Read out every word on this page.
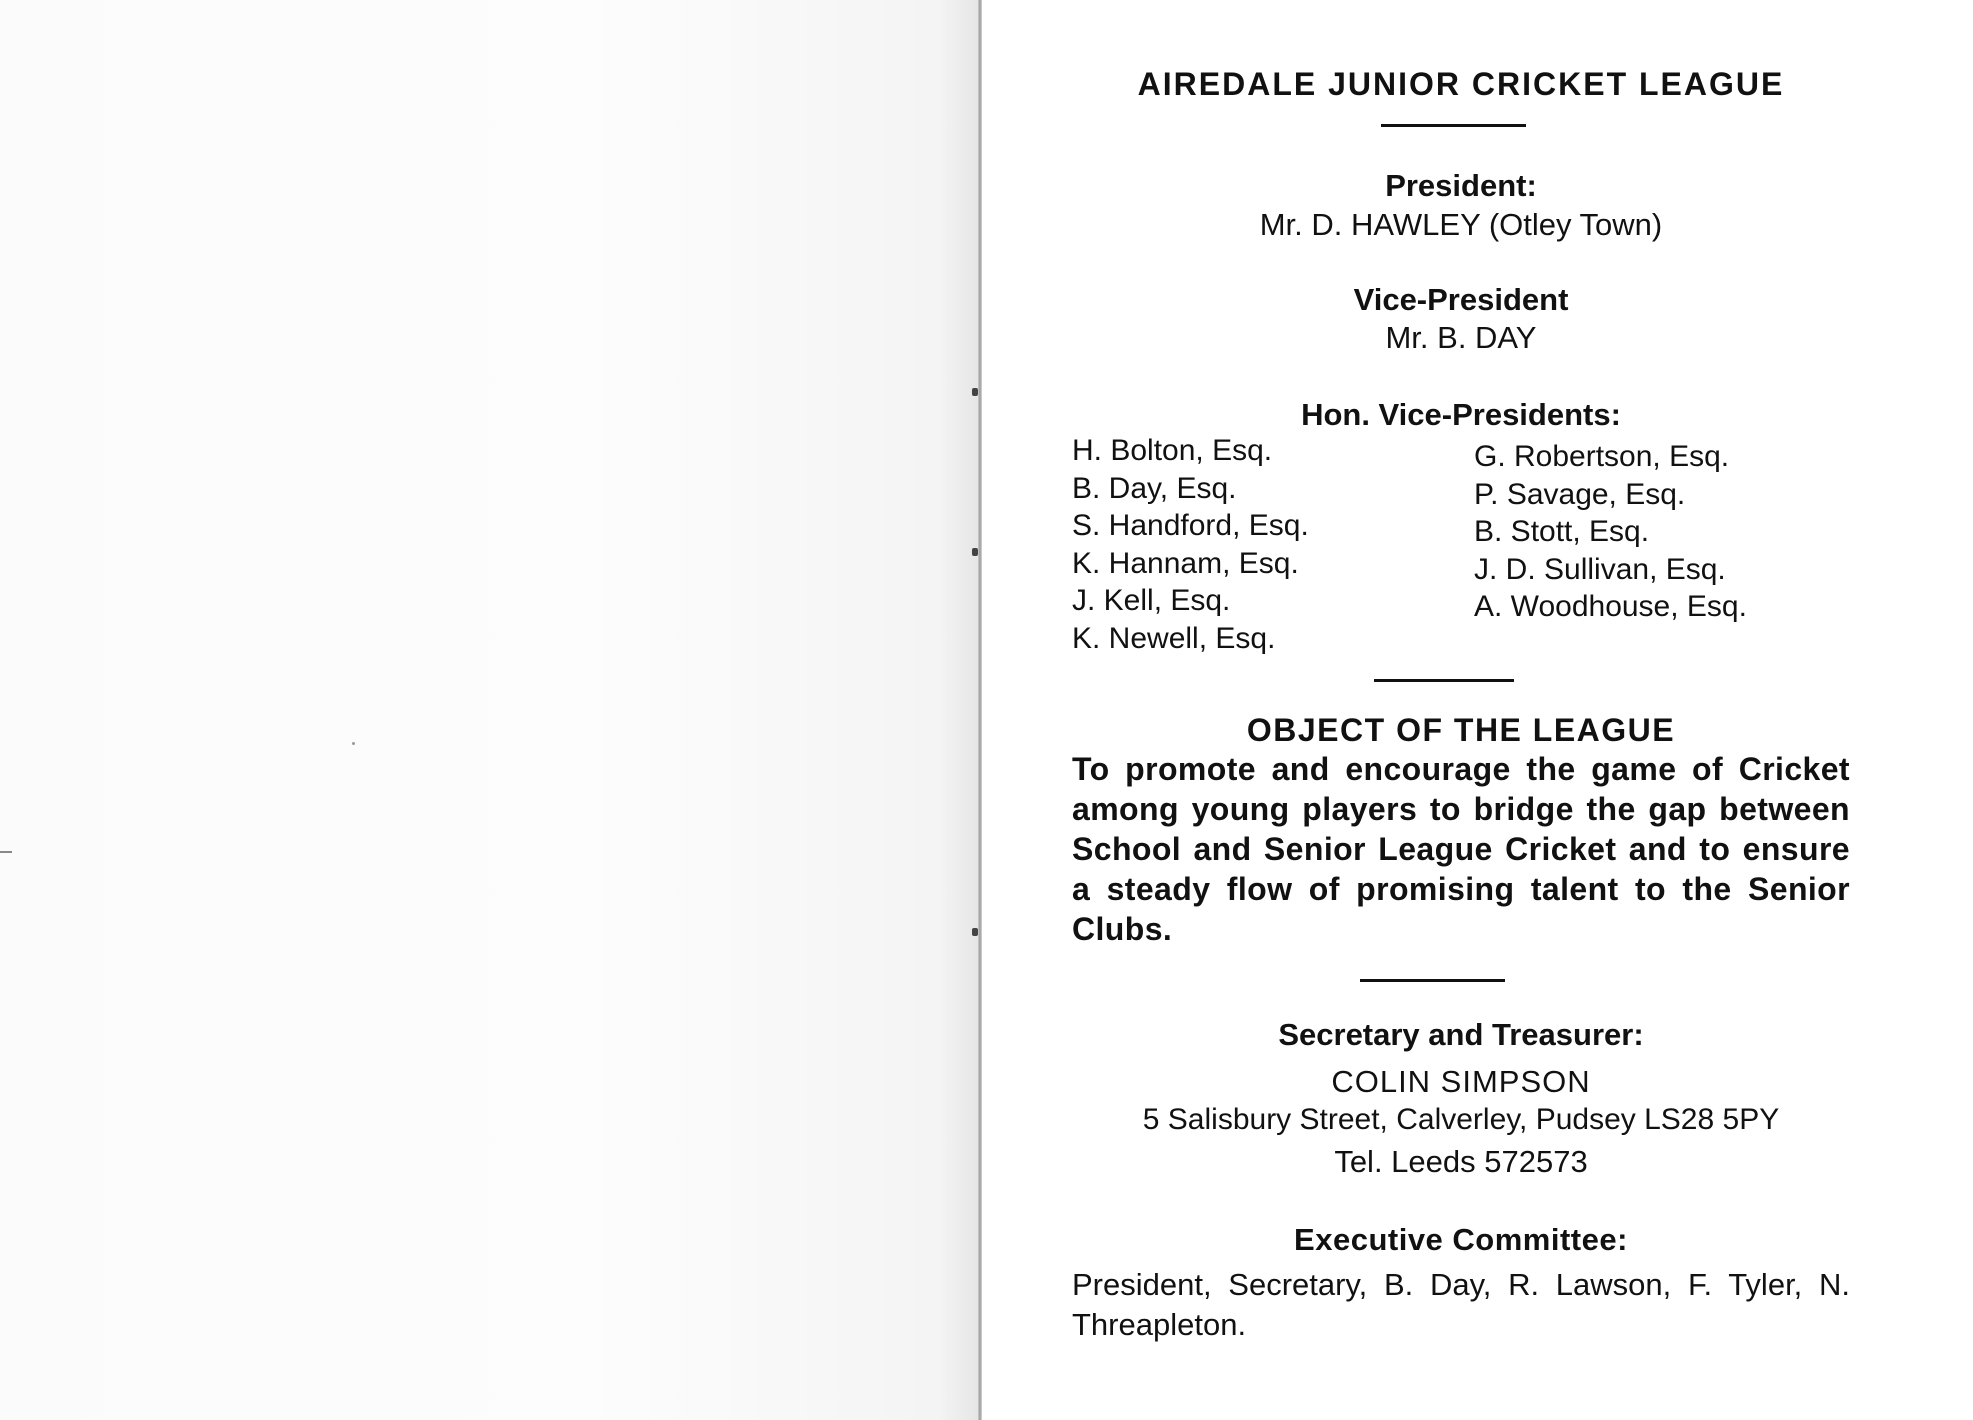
AIREDALE JUNIOR CRICKET LEAGUE
President:
Mr. D. HAWLEY (Otley Town)
Vice-President
Mr. B. DAY
Hon. Vice-Presidents:
H. Bolton, Esq.
B. Day, Esq.
S. Handford, Esq.
K. Hannam, Esq.
J. Kell, Esq.
K. Newell, Esq.
G. Robertson, Esq.
P. Savage, Esq.
B. Stott, Esq.
J. D. Sullivan, Esq.
A. Woodhouse, Esq.
OBJECT OF THE LEAGUE
To promote and encourage the game of Cricket among young players to bridge the gap between School and Senior League Cricket and to ensure a steady flow of promising talent to the Senior Clubs.
Secretary and Treasurer:
COLIN SIMPSON
5 Salisbury Street, Calverley, Pudsey LS28 5PY
Tel. Leeds 572573
Executive Committee:
President, Secretary, B. Day, R. Lawson, F. Tyler, N. Threapleton.
